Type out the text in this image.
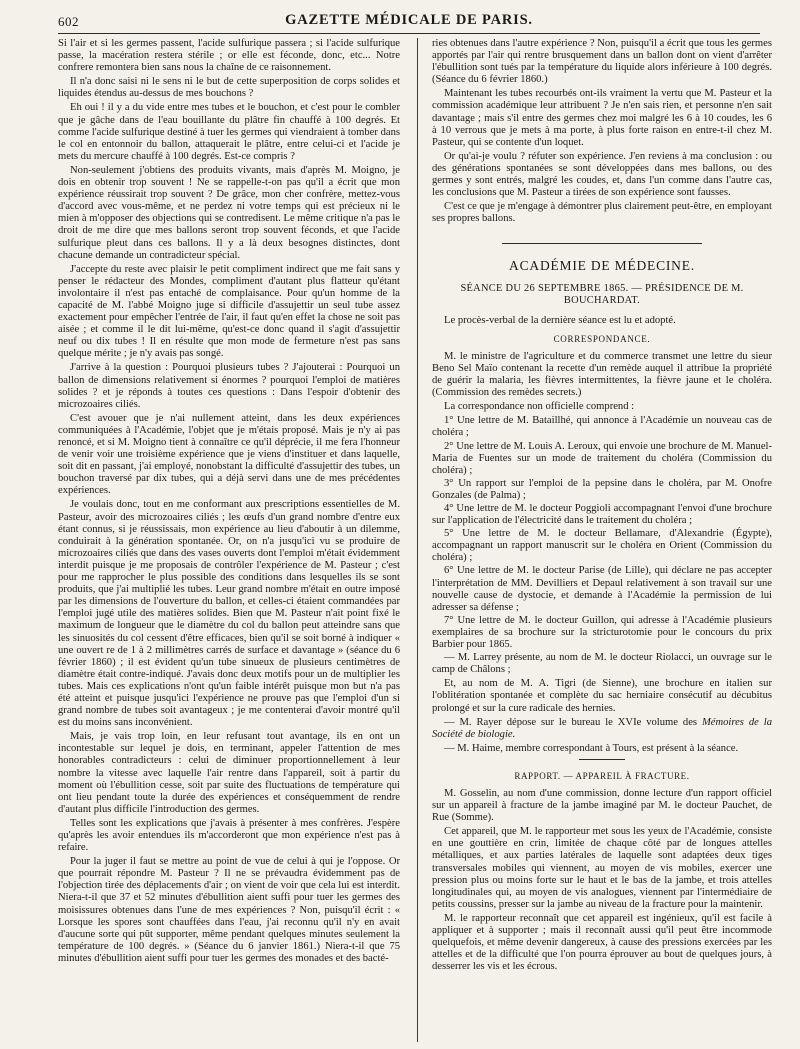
602	GAZETTE MÉDICALE DE PARIS.

Si l'air et si les germes passent, l'acide sulfurique passera ; si l'acide sulfurique passe, la macération restera stérile ; or elle est féconde, donc, etc... Notre confrere remontera bien sans nous la chaîne de ce raisonnement.

Il n'a donc saisi ni le sens ni le but de cette superposition de corps solides et liquides étendus au-dessus de mes bouchons ?

Eh oui ! il y a du vide entre mes tubes et le bouchon, et c'est pour le combler que je gâche dans de l'eau bouillante du plâtre fin chauffé à 100 degrés. Et comme l'acide sulfurique destiné à tuer les germes qui viendraient à tomber dans le col en entonnoir du ballon, attaquerait le plâtre, entre celui-ci et l'acide je mets du mercure chauffé à 100 degrés. Est-ce compris ?

Non-seulement j'obtiens des produits vivants, mais d'après M. Moigno, je dois en obtenir trop souvent ! Ne se rappelle-t-on pas qu'il a écrit que mon expérience réussirait trop souvent ? De grâce, mon cher confrère, mettez-vous d'accord avec vous-même, et ne perdez ni votre temps qui est précieux ni le mien à m'opposer des objections qui se contredisent. Le même critique n'a pas le droit de me dire que mes ballons seront trop souvent féconds, et que l'acide sulfurique pleut dans ces ballons. Il y a là deux besognes distinctes, dont chacune demande un contradicteur spécial.

J'accepte du reste avec plaisir le petit compliment indirect que me fait sans y penser le rédacteur des Mondes, compliment d'autant plus flatteur qu'étant involontaire il n'est pas entaché de complaisance. Pour qu'un homme de la capacité de M. l'abbé Moigno juge si difficile d'assujettir un seul tube assez exactement pour empêcher l'entrée de l'air, il faut qu'en effet la chose ne soit pas aisée ; et comme il le dit lui-même, qu'est-ce donc quand il s'agit d'assujettir neuf ou dix tubes ! Il en résulte que mon mode de fermeture n'est pas sans quelque mérite ; je n'y avais pas songé.

J'arrive à la question : Pourquoi plusieurs tubes ? J'ajouterai : Pourquoi un ballon de dimensions relativement si énormes ? pourquoi l'emploi de matières solides ? et je réponds à toutes ces questions : Dans l'espoir d'obtenir des microzoaires ciliés.

C'est avouer que je n'ai nullement atteint, dans les deux expériences communiquées à l'Académie, l'objet que je m'étais proposé. Mais je n'y ai pas renoncé, et si M. Moigno tient à connaître ce qu'il déprécie, il me fera l'honneur de venir voir une troisième expérience que je viens d'instituer et dans laquelle, soit dit en passant, j'ai employé, nonobstant la difficulté d'assujettir des tubes, un bouchon traversé par dix tubes, qui a déjà servi dans une de mes précédentes expériences.

Je voulais donc, tout en me conformant aux prescriptions essentielles de M. Pasteur, avoir des microzoaires ciliés ; les œufs d'un grand nombre d'entre eux étant connus, si je réussissais, mon expérience au lieu d'aboutir à un dilemme, conduirait à la génération spontanée. Or, on n'a jusqu'ici vu se produire de microzoaires ciliés que dans des vases ouverts dont l'emploi m'était évidemment interdit puisque je me proposais de contrôler l'expérience de M. Pasteur ; c'est pour me rapprocher le plus possible des conditions dans lesquelles ils se sont produits, que j'ai multiplié les tubes. Leur grand nombre m'était en outre imposé par les dimensions de l'ouverture du ballon, et celles-ci étaient commandées par l'emploi jugé utile des matières solides. Bien que M. Pasteur n'ait point fixé le maximum de longueur que le diamètre du col du ballon peut atteindre sans que les sinuosités du col cessent d'être efficaces, bien qu'il se soit borné à indiquer « une ouvert re de 1 à 2 millimètres carrés de surface et davantage » (séance du 6 février 1860) ; il est évident qu'un tube sinueux de plusieurs centimètres de diamètre était contre-indiqué. J'avais donc deux motifs pour un de multiplier les tubes. Mais ces explications n'ont qu'un faible intérêt puisque mon but n'a pas été atteint et puisque jusqu'ici l'expérience ne prouve pas que l'emploi d'un si grand nombre de tubes soit avantageux ; je me contenterai d'avoir montré qu'il est du moins sans inconvénient.

Mais, je vais trop loin, en leur refusant tout avantage, ils en ont un incontestable sur lequel je dois, en terminant, appeler l'attention de mes honorables contradicteurs : celui de diminuer proportionnellement à leur nombre la vitesse avec laquelle l'air rentre dans l'appareil, soit à partir du moment où l'ébullition cesse, soit par suite des fluctuations de température qui ont lieu pendant toute la durée des expériences et conséquemment de rendre d'autant plus difficile l'introduction des germes.

Telles sont les explications que j'avais à présenter à mes confrères. J'espère qu'après les avoir entendues ils m'accorderont que mon expérience n'est pas à refaire.

Pour la juger il faut se mettre au point de vue de celui à qui je l'oppose. Or que pourrait répondre M. Pasteur ? Il ne se prévaudra évidemment pas de l'objection tirée des déplacements d'air ; on vient de voir que cela lui est interdit. Niera-t-il que 37 et 52 minutes d'ébullition aient suffi pour tuer les germes des moisissures obtenues dans l'une de mes expériences ? Non, puisqu'il écrit : « Lorsque les spores sont chauffées dans l'eau, j'ai reconnu qu'il n'y en avait d'aucune sorte qui pût supporter, même pendant quelques minutes seulement la température de 100 degrés. » (Séance du 6 janvier 1861.) Niera-t-il que 75 minutes d'ébullition aient suffi pour tuer les germes des monades et des bacté-

ries obtenues dans l'autre expérience ? Non, puisqu'il a écrit que tous les germes apportés par l'air qui rentre brusquement dans un ballon dont on vient d'arrêter l'ébullition sont tués par la température du liquide alors inférieure à 100 degrés. (Séance du 6 février 1860.)

Maintenant les tubes recourbés ont-ils vraiment la vertu que M. Pasteur et la commission académique leur attribuent ? Je n'en sais rien, et personne n'en sait davantage ; mais s'il entre des germes chez moi malgré les 6 à 10 coudes, les 6 à 10 verrous que je mets à ma porte, à plus forte raison en entre-t-il chez M. Pasteur, qui se contente d'un loquet.

Or qu'ai-je voulu ? réfuter son expérience. J'en reviens à ma conclusion : ou des générations spontanées se sont développées dans mes ballons, ou des germes y sont entrés, malgré les coudes, et, dans l'un comme dans l'autre cas, les conclusions que M. Pasteur a tirées de son expérience sont fausses.

C'est ce que je m'engage à démontrer plus clairement peut-être, en employant ses propres ballons.

ACADÉMIE DE MÉDECINE.
SÉANCE DU 26 SEPTEMBRE 1865. — PRÉSIDENCE DE M. BOUCHARDAT.

Le procès-verbal de la dernière séance est lu et adopté.

CORRESPONDANCE.

M. le ministre de l'agriculture et du commerce transmet une lettre du sieur Beno Sel Maïo contenant la recette d'un remède auquel il attribue la propriété de guérir la malaria, les fièvres intermittentes, la fièvre jaune et le choléra. (Commission des remèdes secrets.)

La correspondance non officielle comprend :

1° Une lettre de M. Bataillhé, qui annonce à l'Académie un nouveau cas de choléra ;

2° Une lettre de M. Louis A. Leroux, qui envoie une brochure de M. Manuel-Maria de Fuentes sur un mode de traitement du choléra (Commission du choléra) ;

3° Un rapport sur l'emploi de la pepsine dans le choléra, par M. Onofre Gonzales (de Palma) ;

4° Une lettre de M. le docteur Poggioli accompagnant l'envoi d'une brochure sur l'application de l'électricité dans le traitement du choléra ;

5° Une lettre de M. le docteur Bellamare, d'Alexandrie (Égypte), accompagnant un rapport manuscrit sur le choléra en Orient (Commission du choléra) ;

6° Une lettre de M. le docteur Parise (de Lille), qui déclare ne pas accepter l'interprétation de MM. Devilliers et Depaul relativement à son travail sur une nouvelle cause de dystocie, et demande à l'Académie la permission de lui adresser sa défense ;

7° Une lettre de M. le docteur Guillon, qui adresse à l'Académie plusieurs exemplaires de sa brochure sur la stricturotomie pour le concours du prix Barbier pour 1865.

— M. Larrey présente, au nom de M. le docteur Riolacci, un ouvrage sur le camp de Châlons ;

Et, au nom de M. A. Tigri (de Sienne), une brochure en italien sur l'oblitération spontanée et complète du sac herniaire consécutif au décubitus prolongé et sur la cure radicale des hernies.

— M. Rayer dépose sur le bureau le XVIe volume des Mémoires de la Société de biologie.

— M. Haime, membre correspondant à Tours, est présent à la séance.

RAPPORT. — APPAREIL À FRACTURE.

M. Gosselin, au nom d'une commission, donne lecture d'un rapport officiel sur un appareil à fracture de la jambe imaginé par M. le docteur Pauchet, de Rue (Somme).

Cet appareil, que M. le rapporteur met sous les yeux de l'Académie, consiste en une gouttière en crin, limitée de chaque côté par de longues attelles métalliques, et aux parties latérales de laquelle sont adaptées deux tiges transversales mobiles qui viennent, au moyen de vis mobiles, exercer une pression plus ou moins forte sur le haut et le bas de la jambe, et trois attelles longitudinales qui, au moyen de vis analogues, viennent par l'intermédiaire de petits coussins, presser sur la jambe au niveau de la fracture pour la maintenir.

M. le rapporteur reconnaît que cet appareil est ingénieux, qu'il est facile à appliquer et à supporter ; mais il reconnaît aussi qu'il peut être incommode quelquefois, et même devenir dangereux, à cause des pressions exercées par les attelles et de la difficulté que l'on pourra éprouver au bout de quelques jours, à desserrer les vis et les écrous.
